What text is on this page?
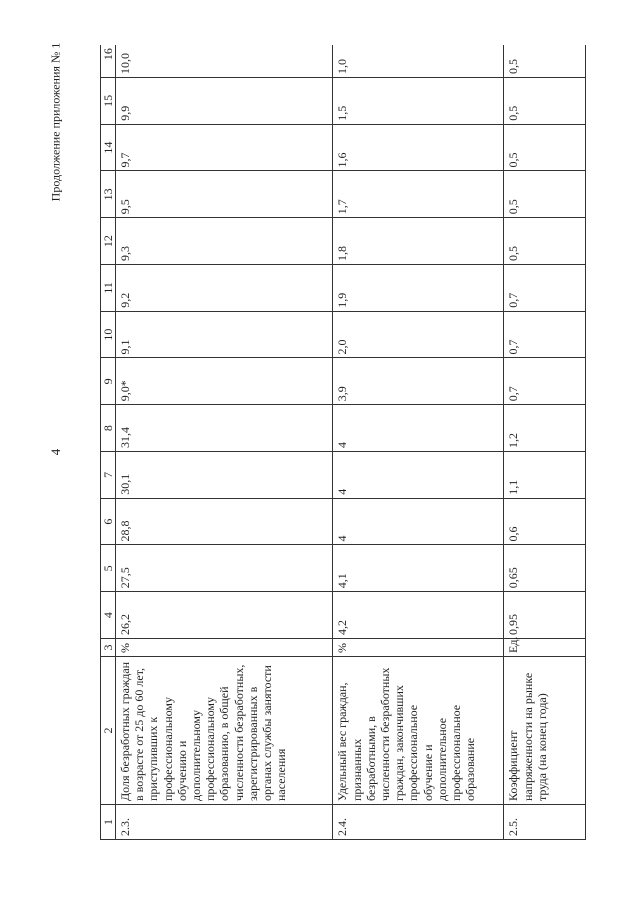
Продолжение приложения № 1
4
1	2	3	4	5	6	7	8	9	10	11	12	13	14	15	16
2.3.	Доля безработных граждан в возрасте от 25 до 60 лет, приступивших к профессиональному обучению и дополнительному профессиональному образованию, в общей численности безработных, зарегистрированных в органах службы занятости населения	%	26,2	27,5	28,8	30,1	31,4	9,0*	9,1	9,2	9,3	9,5	9,7	9,9	10,0
2.4.	Удельный вес граждан, признанных безработными, в численности безработных граждан, закончивших профессиональное обучение и дополнительное профессиональное образование	%	4,2	4,1	4	4	4	3,9	2,0	1,9	1,8	1,7	1,6	1,5	1,0
2.5.	Коэффициент напряженности на рынке труда (на конец года)	Ед.	0,95	0,65	0,6	1,1	1,2	0,7	0,7	0,7	0,5	0,5	0,5	0,5	0,5
